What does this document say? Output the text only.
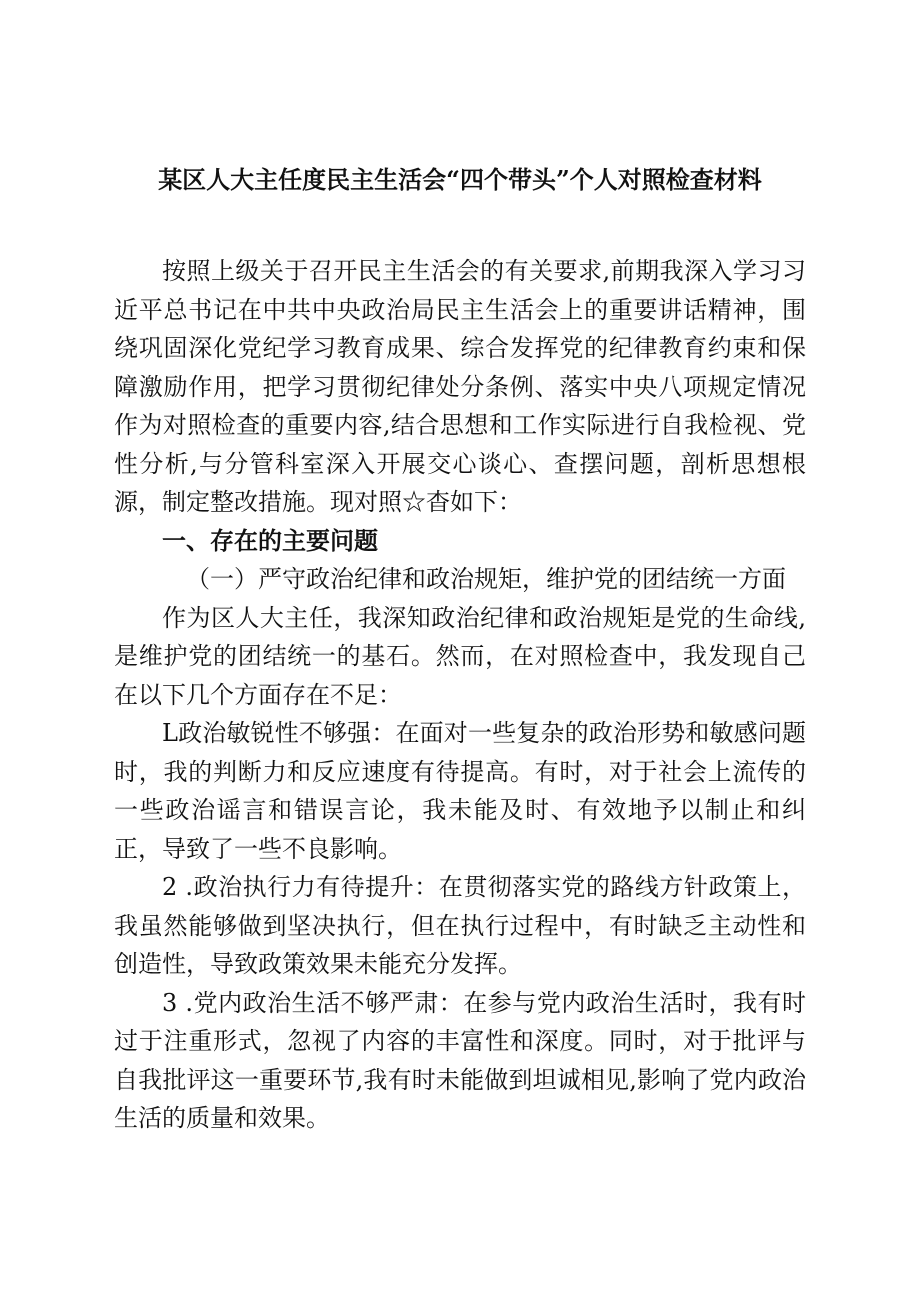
某区人大主任度民主生活会“四个带头”个人对照检查材料

按照上级关于召开民主生活会的有关要求,前期我深入学习习近平总书记在中共中央政治局民主生活会上的重要讲话精神，围绕巩固深化党纪学习教育成果、综合发挥党的纪律教育约束和保障激励作用，把学习贯彻纪律处分条例、落实中央八项规定情况作为对照检查的重要内容,结合思想和工作实际进行自我检视、党性分析,与分管科室深入开展交心谈心、查摆问题，剖析思想根源，制定整改措施。现对照☆杳如下：

一、存在的主要问题

（一）严守政治纪律和政治规矩，维护党的团结统一方面

作为区人大主任，我深知政治纪律和政治规矩是党的生命线,是维护党的团结统一的基石。然而，在对照检查中，我发现自己在以下几个方面存在不足：

L政治敏锐性不够强：在面对一些复杂的政治形势和敏感问题时，我的判断力和反应速度有待提高。有时，对于社会上流传的一些政治谣言和错误言论，我未能及时、有效地予以制止和纠正，导致了一些不良影响。

2 .政治执行力有待提升：在贯彻落实党的路线方针政策上，我虽然能够做到坚决执行，但在执行过程中，有时缺乏主动性和创造性，导致政策效果未能充分发挥。

3 .党内政治生活不够严肃：在参与党内政治生活时，我有时过于注重形式，忽视了内容的丰富性和深度。同时，对于批评与自我批评这一重要环节,我有时未能做到坦诚相见,影响了党内政治生活的质量和效果。
